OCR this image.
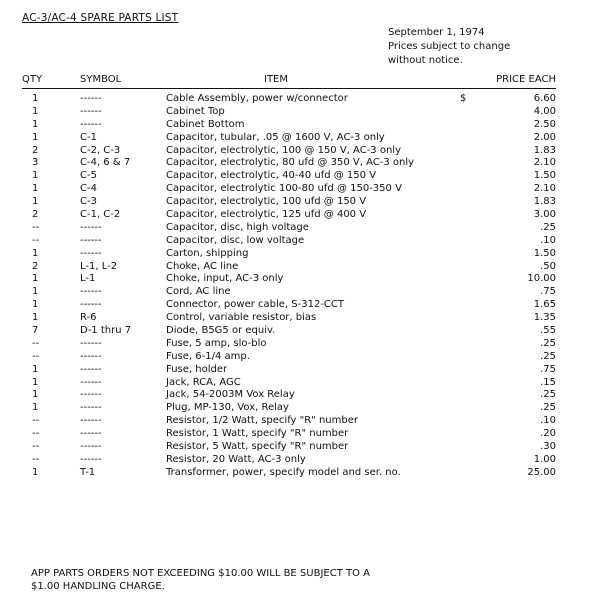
AC-3/AC-4 SPARE PARTS LIST
September 1, 1974
Prices subject to change
without notice.
QTY	SYMBOL	ITEM	PRICE EACH
1	------	Cable Assembly, power w/connector	6.60
$
1	------	Cabinet Top	4.00
1	------	Cabinet Bottom	2.50
1	C-1	Capacitor, tubular, .05 @ 1600 V, AC-3 only	2.00
2	C-2, C-3	Capacitor, electrolytic, 100 @ 150 V, AC-3 only	1.83
3	C-4, 6 & 7	Capacitor, electrolytic, 80 ufd @ 350 V, AC-3 only	2.10
1	C-5	Capacitor, electrolytic, 40-40 ufd @ 150 V	1.50
1	C-4	Capacitor, electrolytic 100-80 ufd @ 150-350 V	2.10
1	C-3	Capacitor, electrolytic, 100 ufd @ 150 V	1.83
2	C-1, C-2	Capacitor, electrolytic, 125 ufd @ 400 V	3.00
--	------	Capacitor, disc, high voltage	.25
--	------	Capacitor, disc, low voltage	.10
1	------	Carton, shipping	1.50
2	L-1, L-2	Choke, AC line	.50
1	L-1	Choke, input, AC-3 only	10.00
1	------	Cord, AC line	.75
1	------	Connector, power cable, S-312-CCT	1.65
1	R-6	Control, variable resistor, bias	1.35
7	D-1 thru 7	Diode, B5G5 or equiv.	.55
--	------	Fuse, 5 amp, slo-blo	.25
--	------	Fuse, 6-1/4 amp.	.25
1	------	Fuse, holder	.75
1	------	Jack, RCA, AGC	.15
1	------	Jack, 54-2003M Vox Relay	.25
1	------	Plug, MP-130, Vox, Relay	.25
--	------	Resistor, 1/2 Watt, specify "R" number	.10
--	------	Resistor, 1 Watt, specify "R" number	.20
--	------	Resistor, 5 Watt, specify "R" number	.30
--	------	Resistor, 20 Watt, AC-3 only	1.00
1	T-1	Transformer, power, specify model and ser. no.	25.00
APP PARTS ORDERS NOT EXCEEDING $10.00 WILL BE SUBJECT TO A
$1.00 HANDLING CHARGE.
